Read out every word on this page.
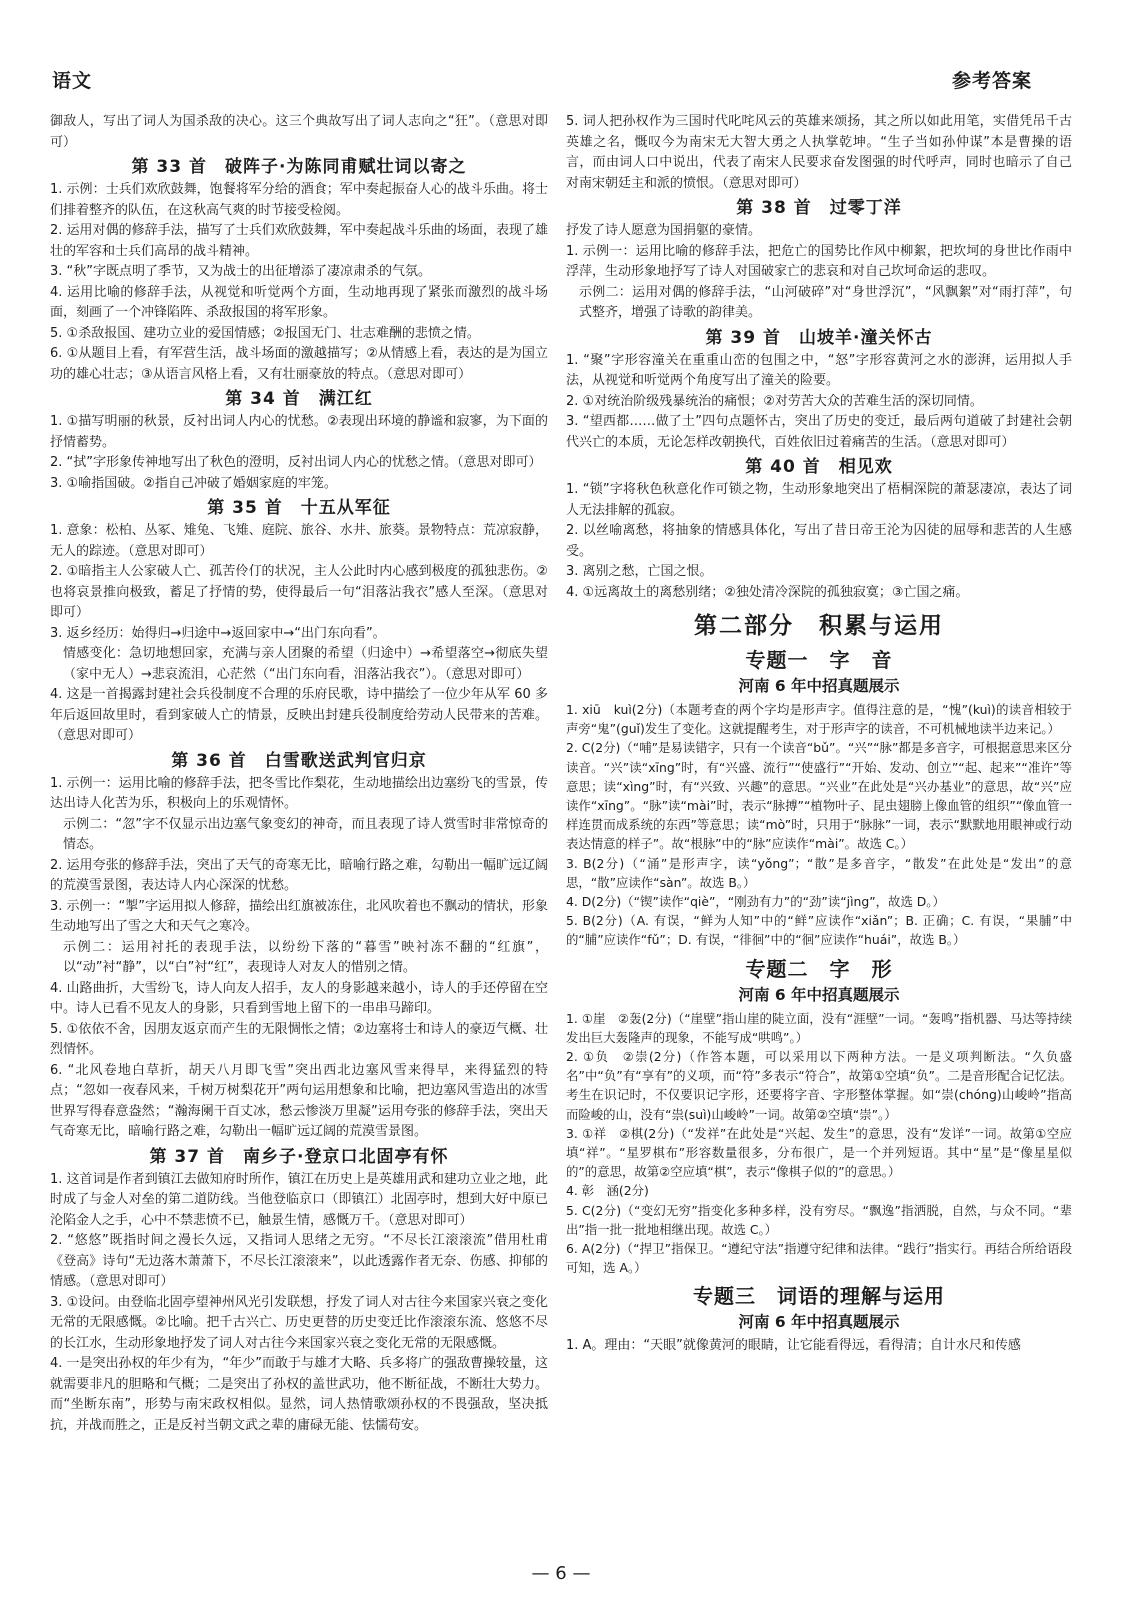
语文	参考答案

御敌人，写出了词人为国杀敌的决心。这三个典故写出了词人志向之“狂”。（意思对即可）

第 33 首　破阵子·为陈同甫赋壮词以寄之

1. 示例：士兵们欢欣鼓舞，饱餐将军分给的酒食；军中奏起振奋人心的战斗乐曲。将士们排着整齐的队伍，在这秋高气爽的时节接受检阅。

2. 运用对偶的修辞手法，描写了士兵们欢欣鼓舞，军中奏起战斗乐曲的场面，表现了雄壮的军容和士兵们高昂的战斗精神。

3. “秋”字既点明了季节，又为战士的出征增添了凄凉肃杀的气氛。

4. 运用比喻的修辞手法，从视觉和听觉两个方面，生动地再现了紧张而激烈的战斗场面，刻画了一个冲锋陷阵、杀敌报国的将军形象。

5. ①杀敌报国、建功立业的爱国情感；②报国无门、壮志难酬的悲愤之情。

6. ①从题目上看，有军营生活，战斗场面的激越描写；②从情感上看，表达的是为国立功的雄心壮志；③从语言风格上看，又有壮丽豪放的特点。（意思对即可）

第 34 首　满江红

1. ①描写明丽的秋景，反衬出词人内心的忧愁。②表现出环境的静谧和寂寥，为下面的抒情蓄势。

2. “拭”字形象传神地写出了秋色的澄明，反衬出词人内心的忧愁之情。（意思对即可）

3. ①喻指国破。②指自己冲破了婚姻家庭的牢笼。

第 35 首　十五从军征

1. 意象：松柏、丛冢、雉兔、飞雉、庭院、旅谷、水井、旅葵。景物特点：荒凉寂静，无人的踪迹。（意思对即可）

2. ①暗指主人公家破人亡、孤苦伶仃的状况，主人公此时内心感到极度的孤独悲伤。②也将哀景推向极致，蓄足了抒情的势，使得最后一句“泪落沾我衣”感人至深。（意思对即可）

3. 返乡经历：始得归→归途中→返回家中→“出门东向看”。

情感变化：急切地想回家，充满与亲人团聚的希望（归途中）→希望落空→彻底失望（家中无人）→悲哀流泪，心茫然（“出门东向看，泪落沾我衣”）。（意思对即可）

4. 这是一首揭露封建社会兵役制度不合理的乐府民歌，诗中描绘了一位少年从军 60 多年后返回故里时，看到家破人亡的情景，反映出封建兵役制度给劳动人民带来的苦难。（意思对即可）

第 36 首　白雪歌送武判官归京

1. 示例一：运用比喻的修辞手法，把冬雪比作梨花，生动地描绘出边塞纷飞的雪景，传达出诗人化苦为乐，积极向上的乐观情怀。

示例二：“忽”字不仅显示出边塞气象变幻的神奇，而且表现了诗人赏雪时非常惊奇的情态。

2. 运用夸张的修辞手法，突出了天气的奇寒无比，暗喻行路之难，勾勒出一幅旷远辽阔的荒漠雪景图，表达诗人内心深深的忧愁。

3. 示例一：“掣”字运用拟人修辞，描绘出红旗被冻住，北风吹着也不飘动的情状，形象生动地写出了雪之大和天气之寒冷。

示例二：运用衬托的表现手法，以纷纷下落的“暮雪”映衬冻不翻的“红旗”，以“动”衬“静”，以“白”衬“红”，表现诗人对友人的惜别之情。

4. 山路曲折，大雪纷飞，诗人向友人招手，友人的身影越来越小，诗人的手还停留在空中。诗人已看不见友人的身影，只看到雪地上留下的一串串马蹄印。

5. ①依依不舍，因朋友返京而产生的无限惆怅之情；②边塞将士和诗人的豪迈气概、壮烈情怀。

6. “北风卷地白草折，胡天八月即飞雪”突出西北边塞风雪来得早，来得猛烈的特点；“忽如一夜春风来，千树万树梨花开”两句运用想象和比喻，把边塞风雪造出的冰雪世界写得春意盎然；“瀚海阑干百丈冰，愁云惨淡万里凝”运用夸张的修辞手法，突出天气奇寒无比，暗喻行路之难，勾勒出一幅旷远辽阔的荒漠雪景图。

第 37 首　南乡子·登京口北固亭有怀

1. 这首词是作者到镇江去做知府时所作，镇江在历史上是英雄用武和建功立业之地，此时成了与金人对垒的第二道防线。当他登临京口（即镇江）北固亭时，想到大好中原已沦陷金人之手，心中不禁悲愤不已，触景生情，感慨万千。（意思对即可）

2. “悠悠”既指时间之漫长久远，又指词人思绪之无穷。“不尽长江滚滚流”借用杜甫《登高》诗句“无边落木萧萧下，不尽长江滚滚来”，以此透露作者无奈、伤感、抑郁的情感。（意思对即可）

3. ①设问。由登临北固亭望神州风光引发联想，抒发了词人对古往今来国家兴衰之变化无常的无限感慨。②比喻。把千古兴亡、历史更替的历史变迁比作滚滚东流、悠悠不尽的长江水，生动形象地抒发了词人对古往今来国家兴衰之变化无常的无限感慨。

4. 一是突出孙权的年少有为，“年少”而敢于与雄才大略、兵多将广的强敌曹操较量，这就需要非凡的胆略和气概；二是突出了孙权的盖世武功，他不断征战，不断壮大势力。而“坐断东南”，形势与南宋政权相似。显然，词人热情歌颂孙权的不畏强敌，坚决抵抗，并战而胜之，正是反衬当朝文武之辈的庸碌无能、怯懦苟安。

5. 词人把孙权作为三国时代叱咤风云的英雄来颂扬，其之所以如此用笔，实借凭吊千古英雄之名，慨叹今为南宋无大智大勇之人执掌乾坤。“生子当如孙仲谋”本是曹操的语言，而由词人口中说出，代表了南宋人民要求奋发图强的时代呼声，同时也暗示了自己对南宋朝廷主和派的愤恨。（意思对即可）

第 38 首　过零丁洋

抒发了诗人愿意为国捐躯的豪情。

1. 示例一：运用比喻的修辞手法，把危亡的国势比作风中柳絮，把坎坷的身世比作雨中浮萍，生动形象地抒写了诗人对国破家亡的悲哀和对自己坎坷命运的悲叹。

示例二：运用对偶的修辞手法，“山河破碎”对“身世浮沉”，“风飘絮”对“雨打萍”，句式整齐，增强了诗歌的韵律美。

第 39 首　山坡羊·潼关怀古

1. “聚”字形容潼关在重重山峦的包围之中，“怒”字形容黄河之水的澎湃，运用拟人手法，从视觉和听觉两个角度写出了潼关的险要。

2. ①对统治阶级残暴统治的痛恨；②对劳苦大众的苦难生活的深切同情。

3. “望西都……做了土”四句点题怀古，突出了历史的变迁，最后两句道破了封建社会朝代兴亡的本质，无论怎样改朝换代，百姓依旧过着痛苦的生活。（意思对即可）

第 40 首　相见欢

1. “锁”字将秋色秋意化作可锁之物，生动形象地突出了梧桐深院的萧瑟凄凉，表达了词人无法排解的孤寂。

2. 以丝喻离愁，将抽象的情感具体化，写出了昔日帝王沦为囚徒的屈辱和悲苦的人生感受。

3. 离别之愁，亡国之恨。

4. ①远离故土的离愁别绪；②独处清冷深院的孤独寂寞；③亡国之痛。

第二部分　积累与运用
专题一　字　音
河南 6 年中招真题展示

1. xiū　kuì(2分)（本题考查的两个字均是形声字。值得注意的是，“愧”(kuì)的读音相较于声旁“鬼”(guǐ)发生了变化。这就提醒考生，对于形声字的读音，不可机械地读半边来记。）

2. C(2分)（“哺”是易读错字，只有一个读音“bǔ”。“兴”“脉”都是多音字，可根据意思来区分读音。“兴”读“xīng”时，有“兴盛、流行”“使盛行”“开始、发动、创立”“起、起来”“准许”等意思；读“xìng”时，有“兴致、兴趣”的意思。“兴业”在此处是“兴办基业”的意思，故“兴”应读作“xīng”。“脉”读“mài”时，表示“脉搏”“植物叶子、昆虫翅膀上像血管的组织”“像血管一样连贯而成系统的东西”等意思；读“mò”时，只用于“脉脉”一词，表示“默默地用眼神或行动表达情意的样子”。故“根脉”中的“脉”应读作“mài”。故选 C。）

3. B(2分)（“涌”是形声字，读“yǒng”；“散”是多音字，“散发”在此处是“发出”的意思，“散”应读作“sàn”。故选 B。）

4. D(2分)（“锲”读作“qiè”，“刚劲有力”的“劲”读“jìng”，故选 D。）

5. B(2分)（A. 有误，“鲜为人知”中的“鲜”应读作“xiǎn”；B. 正确；C. 有误，“果脯”中的“脯”应读作“fǔ”；D. 有误，“徘徊”中的“徊”应读作“huái”，故选 B。）

专题二　字　形
河南 6 年中招真题展示

1. ①崖　②轰(2分)（“崖壁”指山崖的陡立面，没有“涯壁”一词。“轰鸣”指机器、马达等持续发出巨大轰隆声的现象，不能写成“哄鸣”。）

2. ①负　②崇(2分)（作答本题，可以采用以下两种方法。一是义项判断法。“久负盛名”中“负”有“享有”的义项，而“符”多表示“符合”，故第①空填“负”。二是音形配合记忆法。考生在识记时，不仅要识记字形，还要将字音、字形整体掌握。如“崇(chóng)山峻岭”指高而险峻的山，没有“祟(suì)山峻岭”一词。故第②空填“崇”。）

3. ①祥　②棋(2分)（“发祥”在此处是“兴起、发生”的意思，没有“发详”一词。故第①空应填“祥”。“星罗棋布”形容数量很多，分布很广，是一个并列短语。其中“星”是“像星星似的”的意思，故第②空应填“棋”，表示“像棋子似的”的意思。）

4. 彰　涵(2分)

5. C(2分)（“变幻无穷”指变化多种多样，没有穷尽。“飘逸”指洒脱，自然，与众不同。“辈出”指一批一批地相继出现。故选 C。）

6. A(2分)（“捍卫”指保卫。“遵纪守法”指遵守纪律和法律。“践行”指实行。再结合所给语段可知，选 A。）

专题三　词语的理解与运用
河南 6 年中招真题展示

1. A。理由：“天眼”就像黄河的眼睛，让它能看得远，看得清；自计水尺和传感

— 6 —
